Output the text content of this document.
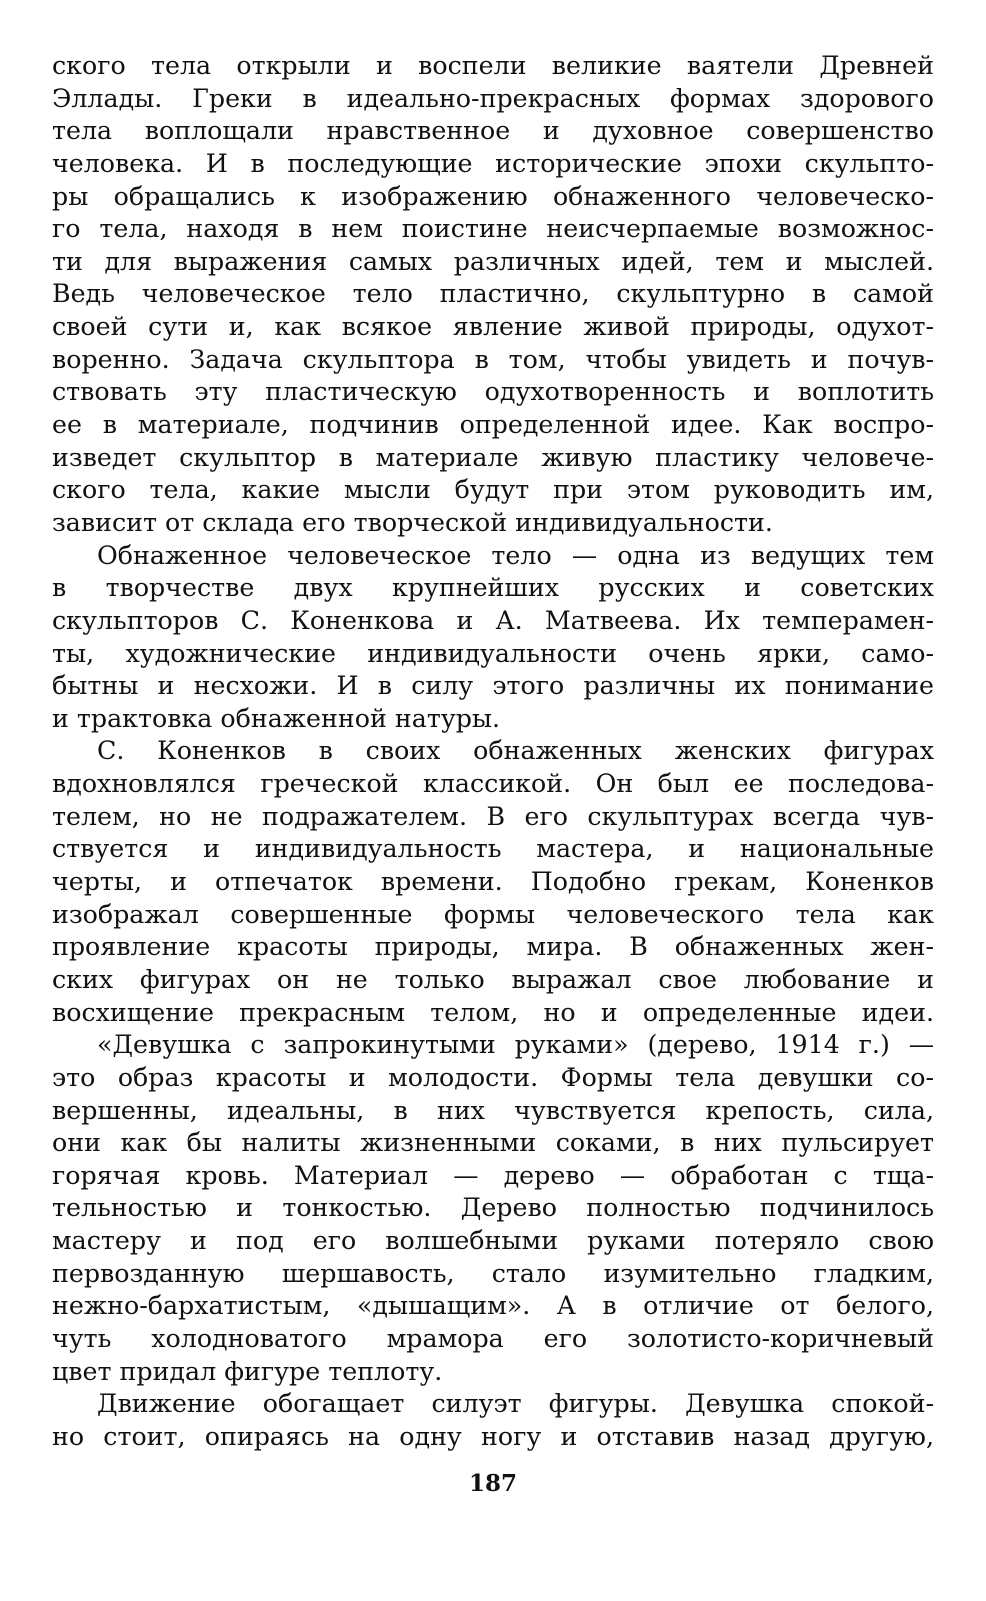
ского тела открыли и воспели великие ваятели Древней
Эллады. Греки в идеально-прекрасных формах здорового
тела воплощали нравственное и духовное совершенство
человека. И в последующие исторические эпохи скульпто-
ры обращались к изображению обнаженного человеческо-
го тела, находя в нем поистине неисчерпаемые возможнос-
ти для выражения самых различных идей, тем и мыслей.
Ведь человеческое тело пластично, скульптурно в самой
своей сути и, как всякое явление живой природы, одухот-
воренно. Задача скульптора в том, чтобы увидеть и почув-
ствовать эту пластическую одухотворенность и воплотить
ее в материале, подчинив определенной идее. Как воспро-
изведет скульптор в материале живую пластику человече-
ского тела, какие мысли будут при этом руководить им,
зависит от склада его творческой индивидуальности.
Обнаженное человеческое тело — одна из ведущих тем
в творчестве двух крупнейших русских и советских
скульпторов С. Коненкова и А. Матвеева. Их темперамен-
ты, художнические индивидуальности очень ярки, само-
бытны и несхожи. И в силу этого различны их понимание
и трактовка обнаженной натуры.
С. Коненков в своих обнаженных женских фигурах
вдохновлялся греческой классикой. Он был ее последова-
телем, но не подражателем. В его скульптурах всегда чув-
ствуется и индивидуальность мастера, и национальные
черты, и отпечаток времени. Подобно грекам, Коненков
изображал совершенные формы человеческого тела как
проявление красоты природы, мира. В обнаженных жен-
ских фигурах он не только выражал свое любование и
восхищение прекрасным телом, но и определенные идеи.
«Девушка с запрокинутыми руками» (дерево, 1914 г.) —
это образ красоты и молодости. Формы тела девушки со-
вершенны, идеальны, в них чувствуется крепость, сила,
они как бы налиты жизненными соками, в них пульсирует
горячая кровь. Материал — дерево — обработан с тща-
тельностью и тонкостью. Дерево полностью подчинилось
мастеру и под его волшебными руками потеряло свою
первозданную шершавость, стало изумительно гладким,
нежно-бархатистым, «дышащим». А в отличие от белого,
чуть холодноватого мрамора его золотисто-коричневый
цвет придал фигуре теплоту.
Движение обогащает силуэт фигуры. Девушка спокой-
но стоит, опираясь на одну ногу и отставив назад другую,
187
